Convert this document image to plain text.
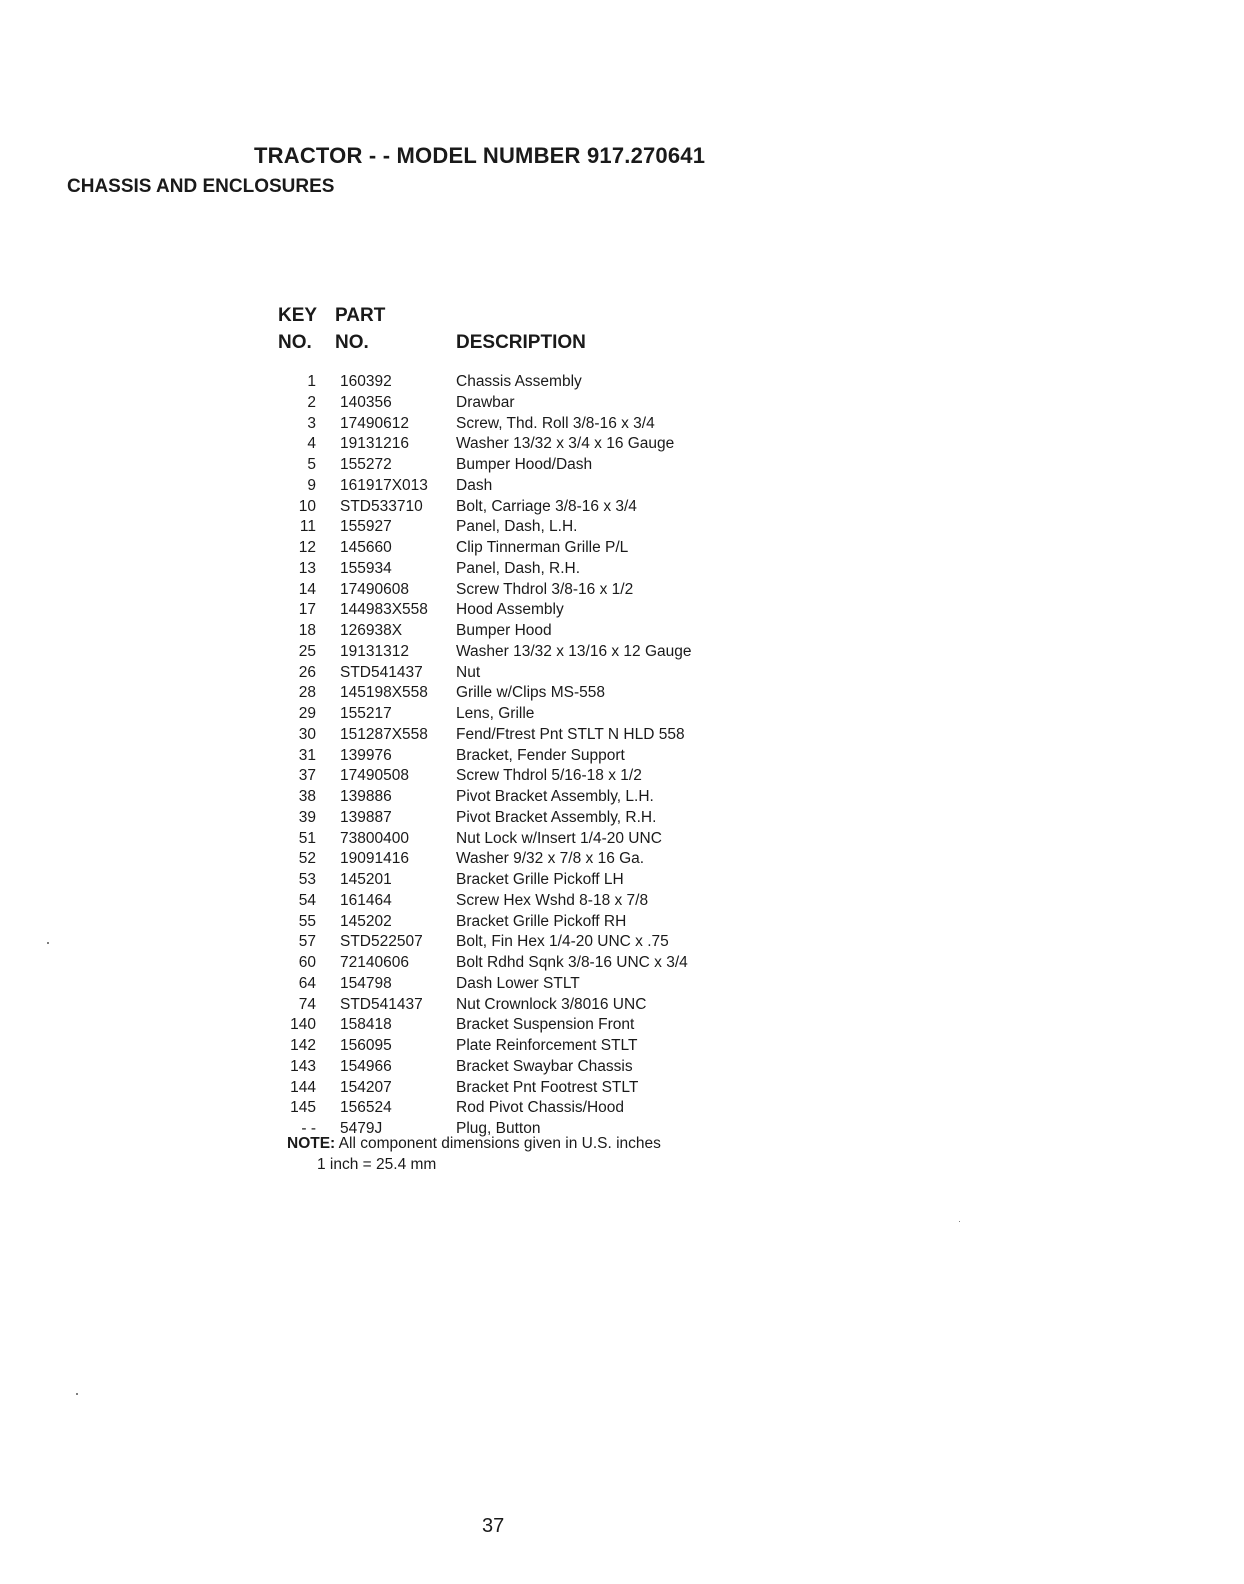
TRACTOR - - MODEL NUMBER 917.270641
CHASSIS AND ENCLOSURES
KEY PART
NO. NO.	DESCRIPTION
1	160392	Chassis Assembly
2	140356	Drawbar
3	17490612	Screw, Thd. Roll 3/8-16 x 3/4
4	19131216	Washer 13/32 x 3/4 x 16 Gauge
5	155272	Bumper Hood/Dash
9	161917X013	Dash
10	STD533710	Bolt, Carriage 3/8-16 x 3/4
11	155927	Panel, Dash, L.H.
12	145660	Clip Tinnerman Grille P/L
13	155934	Panel, Dash, R.H.
14	17490608	Screw Thdrol 3/8-16 x 1/2
17	144983X558	Hood Assembly
18	126938X	Bumper Hood
25	19131312	Washer 13/32 x 13/16 x 12 Gauge
26	STD541437	Nut
28	145198X558	Grille w/Clips MS-558
29	155217	Lens, Grille
30	151287X558	Fend/Ftrest Pnt STLT N HLD 558
31	139976	Bracket, Fender Support
37	17490508	Screw Thdrol 5/16-18 x 1/2
38	139886	Pivot Bracket Assembly, L.H.
39	139887	Pivot Bracket Assembly, R.H.
51	73800400	Nut Lock w/Insert 1/4-20 UNC
52	19091416	Washer 9/32 x 7/8 x 16 Ga.
53	145201	Bracket Grille Pickoff LH
54	161464	Screw Hex Wshd 8-18 x 7/8
55	145202	Bracket Grille Pickoff RH
57	STD522507	Bolt, Fin Hex 1/4-20 UNC x .75
60	72140606	Bolt Rdhd Sqnk 3/8-16 UNC x 3/4
64	154798	Dash Lower STLT
74	STD541437	Nut Crownlock 3/8016 UNC
140	158418	Bracket Suspension Front
142	156095	Plate Reinforcement STLT
143	154966	Bracket Swaybar Chassis
144	154207	Bracket Pnt Footrest STLT
145	156524	Rod Pivot Chassis/Hood
- -	5479J	Plug, Button
NOTE: All component dimensions given in U.S. inches
1 inch = 25.4 mm
37
